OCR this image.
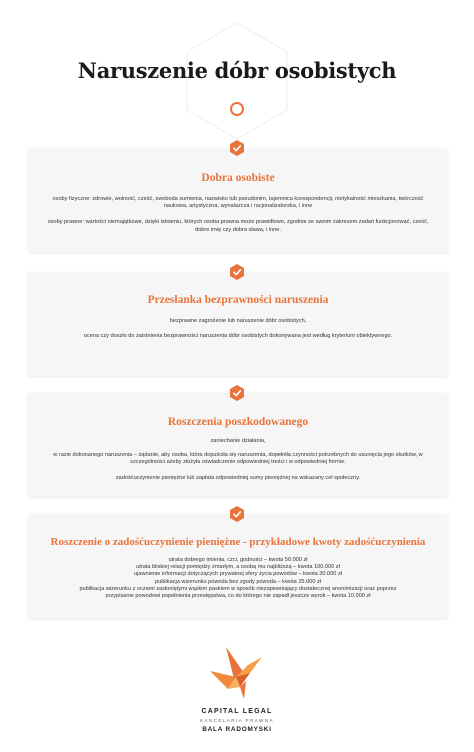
Naruszenie dóbr osobistych
Dobra osobiste

osoby fizyczne: zdrowie, wolność, cześć, swoboda sumienia, nazwisko lub pseudonim, tajemnica korespondencji, nietykalność mieszkania, twórczość naukowa, artystyczna, wynalazcza i racjonalizatorska, i inne

osoby prawne: wartości niemajątkowe, dzięki istnieniu, których osoba prawna może prawidłowo, zgodnie ze swoim zakresem zadań funkcjonować, cześć, dobre imię czy dobra sława, i inne.

Przesłanka bezprawności naruszenia

bezprawne zagrożenie lub naruszenie dóbr osobistych,

ocena czy doszło do zaistnienia bezprawności naruszenia dóbr osobistych dokonywana jest według kryterium obiektywnego.

Roszczenia poszkodowanego

zaniechanie działania,

w razie dokonanego naruszenia – żądanie, aby osoba, która dopuściła się naruszenia, dopełniła czynności potrzebnych do usunięcia jego skutków, w szczególności ażeby złożyła oświadczenie odpowiedniej treści i w odpowiedniej formie.

zadośćuczynienie pieniężne lub zapłata odpowiedniej sumy pieniężnej na wskazany cel społeczny.

Roszczenie o zadośćuczynienie pieniężne - przykładowe kwoty zadośćuczynienia

utrata dobrego imienia, czci, godności – kwota 50.000 zł

utrata bliskiej relacji pomiędzy zmarłym, a osobą mu najbliższą – kwota 100.000 zł

ujawnienie informacji dotyczących prywatnej sfery życia powodów – kwota 30.000 zł

publikacja wizerunku powoda bez zgody powoda – kwota 25.000 zł

publikacja wizerunku z oczami zasłoniętymi wąskim paskiem w sposób niezapewniający dostatecznej anonimizacji oraz poprzez przypisanie powodowi popełnienia przestępstwa, co do którego nie zapadł jeszcze wyrok – kwota 10.000 zł

CAPITAL LEGAL
KANCELARIA PRAWNA
BALA RADOMYSKI
